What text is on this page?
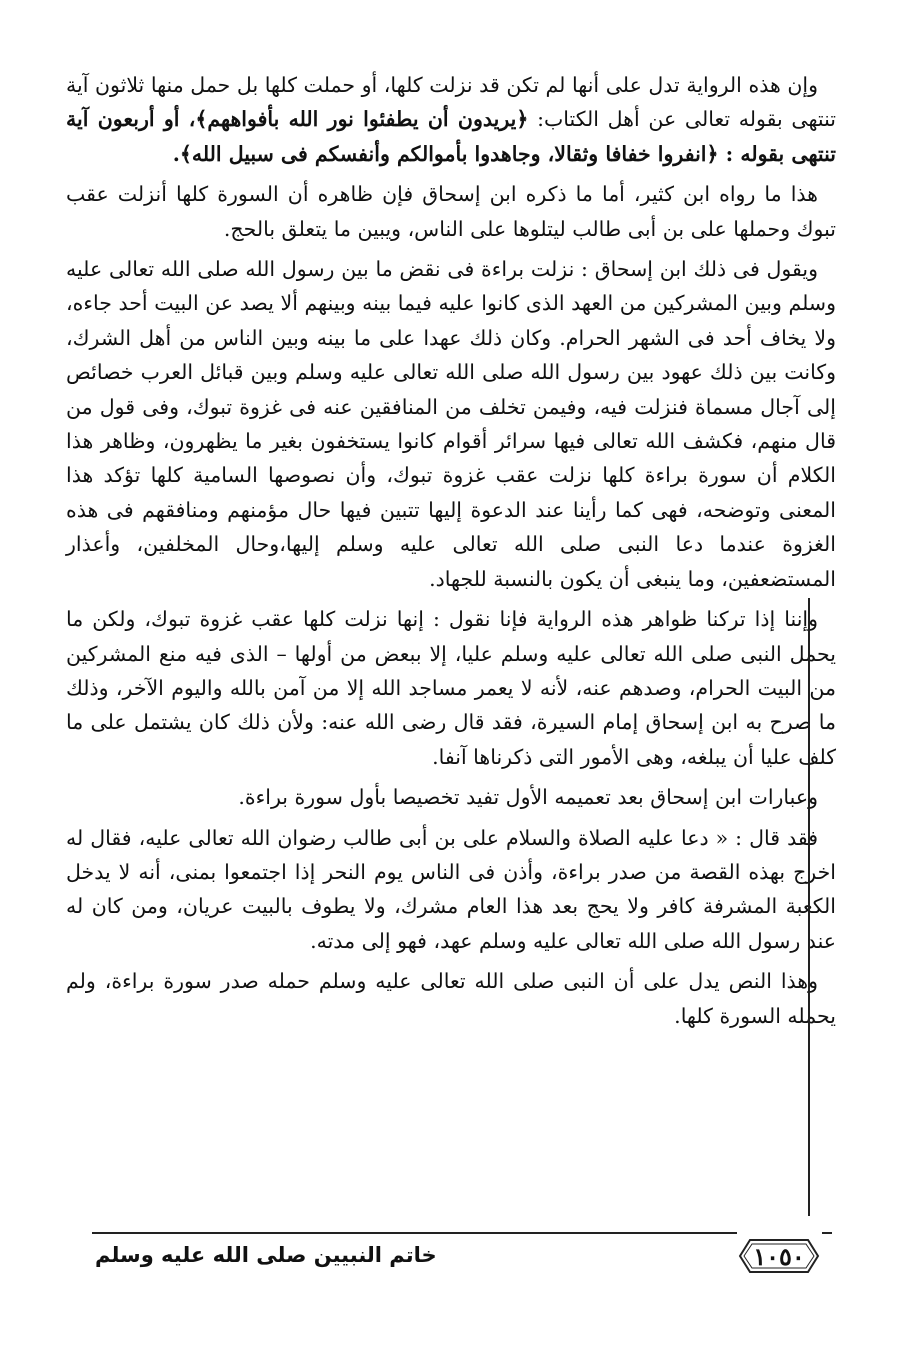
وإن هذه الرواية تدل على أنها لم تكن قد نزلت كلها، أو حملت كلها بل حمل منها ثلاثون آية تنتهى بقوله تعالى عن أهل الكتاب: ﴿يريدون أن يطفئوا نور الله بأفواههم﴾، أو أربعون آية تنتهى بقوله : ﴿انفروا خفافا وثقالا، وجاهدوا بأموالكم وأنفسكم فى سبيل الله﴾.

هذا ما رواه ابن كثير، أما ما ذكره ابن إسحاق فإن ظاهره أن السورة كلها أنزلت عقب تبوك وحملها على بن أبى طالب ليتلوها على الناس، ويبين ما يتعلق بالحج.

ويقول فى ذلك ابن إسحاق : نزلت براءة فى نقض ما بين رسول الله صلى الله تعالى عليه وسلم وبين المشركين من العهد الذى كانوا عليه فيما بينه وبينهم ألا يصد عن البيت أحد جاءه، ولا يخاف أحد فى الشهر الحرام. وكان ذلك عهدا على ما بينه وبين الناس من أهل الشرك، وكانت بين ذلك عهود بين رسول الله صلى الله تعالى عليه وسلم وبين قبائل العرب خصائص إلى آجال مسماة فنزلت فيه، وفيمن تخلف من المنافقين عنه فى غزوة تبوك، وفى قول من قال منهم، فكشف الله تعالى فيها سرائر أقوام كانوا يستخفون بغير ما يظهرون، وظاهر هذا الكلام أن سورة براءة كلها نزلت عقب غزوة تبوك، وأن نصوصها السامية كلها تؤكد هذا المعنى وتوضحه، فهى كما رأينا عند الدعوة إليها تتبين فيها حال مؤمنهم ومنافقهم فى هذه الغزوة عندما دعا النبى صلى الله تعالى عليه وسلم إليها،وحال المخلفين، وأعذار المستضعفين، وما ينبغى أن يكون بالنسبة للجهاد.

وإننا إذا تركنا ظواهر هذه الرواية فإنا نقول : إنها نزلت كلها عقب غزوة تبوك، ولكن ما يحمل النبى صلى الله تعالى عليه وسلم عليا، إلا ببعض من أولها – الذى فيه منع المشركين من البيت الحرام، وصدهم عنه، لأنه لا يعمر مساجد الله إلا من آمن بالله واليوم الآخر، وذلك ما صرح به ابن إسحاق إمام السيرة، فقد قال رضى الله عنه: ولأن ذلك كان يشتمل على ما كلف عليا أن يبلغه، وهى الأمور التى ذكرناها آنفا.

وعبارات ابن إسحاق بعد تعميمه الأول تفيد تخصيصا بأول سورة براءة.

فقد قال : « دعا عليه الصلاة والسلام على بن أبى طالب رضوان الله تعالى عليه، فقال له اخرج بهذه القصة من صدر براءة، وأذن فى الناس يوم النحر إذا اجتمعوا بمنى، أنه لا يدخل الكعبة المشرفة كافر ولا يحج بعد هذا العام مشرك، ولا يطوف بالبيت عريان، ومن كان له عند رسول الله صلى الله تعالى عليه وسلم عهد، فهو إلى مدته.

وهذا النص يدل على أن النبى صلى الله تعالى عليه وسلم حمله صدر سورة براءة، ولم يحمله السورة كلها.

١٠٥٠
خاتم النبيين صلى الله عليه وسلم
